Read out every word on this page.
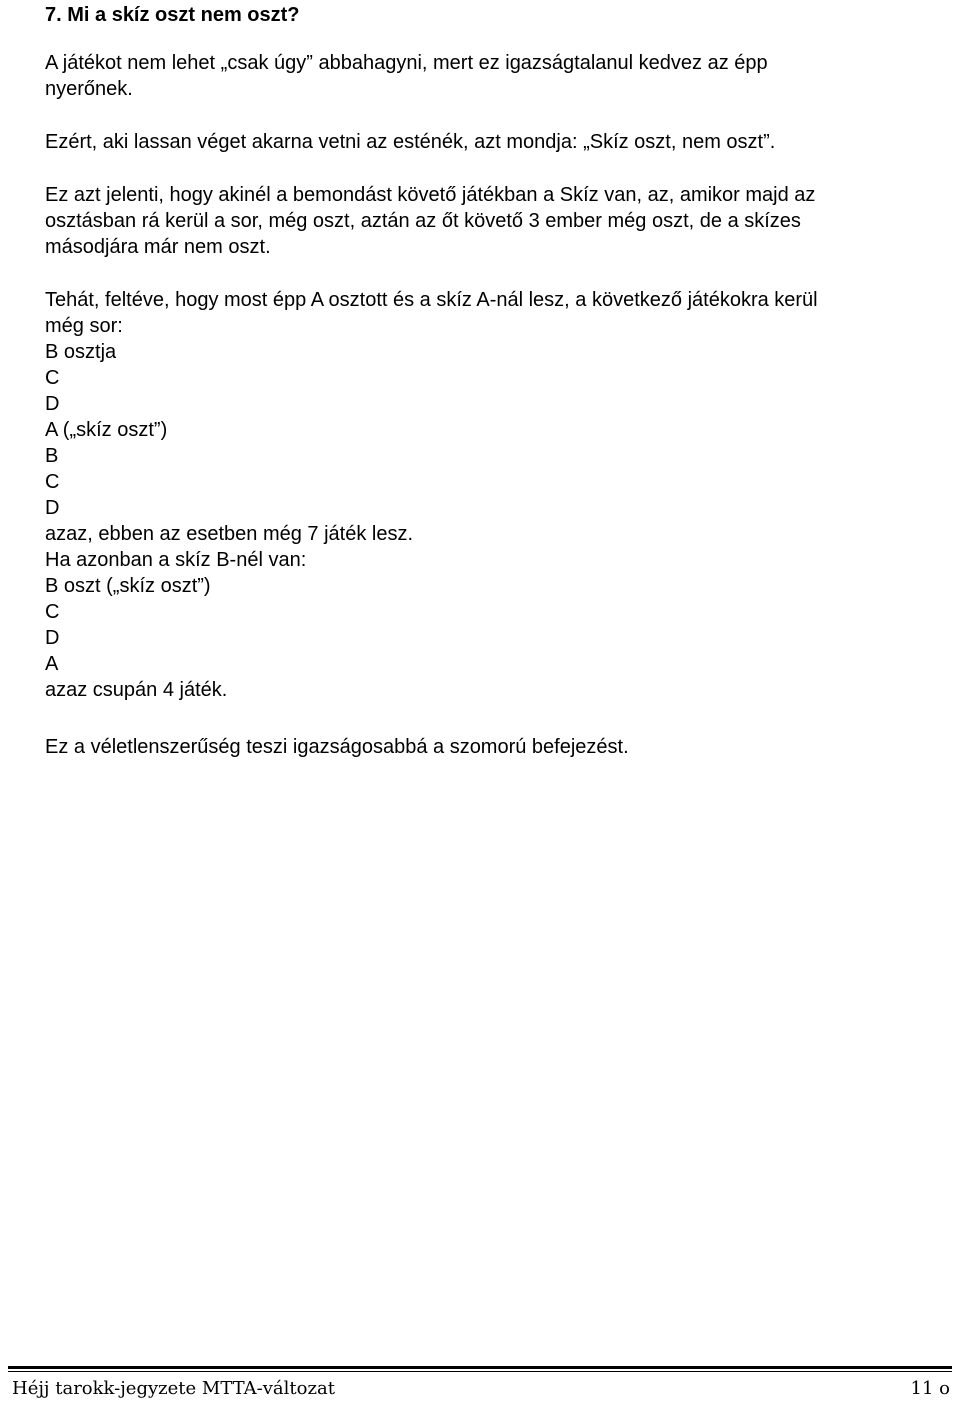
7. Mi a skíz oszt nem oszt?

A játékot nem lehet „csak úgy” abbahagyni, mert ez igazságtalanul kedvez az épp
nyerőnek.

Ezért, aki lassan véget akarna vetni az esténék, azt mondja: „Skíz oszt, nem oszt”.

Ez azt jelenti, hogy akinél a bemondást követő játékban a Skíz van, az, amikor majd az
osztásban rá kerül a sor, még oszt, aztán az őt követő 3 ember még oszt, de a skízes
másodjára már nem oszt.

Tehát, feltéve, hogy most épp A osztott és a skíz A-nál lesz, a következő játékokra kerül
még sor:
B osztja
C
D
A („skíz oszt”)
B
C
D
azaz, ebben az esetben még 7 játék lesz.
Ha azonban a skíz B-nél van:
B oszt („skíz oszt”)
C
D
A
azaz csupán 4 játék.

Ez a véletlenszerűség teszi igazságosabbá a szomorú befejezést.

Héjj tarokk-jegyzete MTTA-változat	11 o
